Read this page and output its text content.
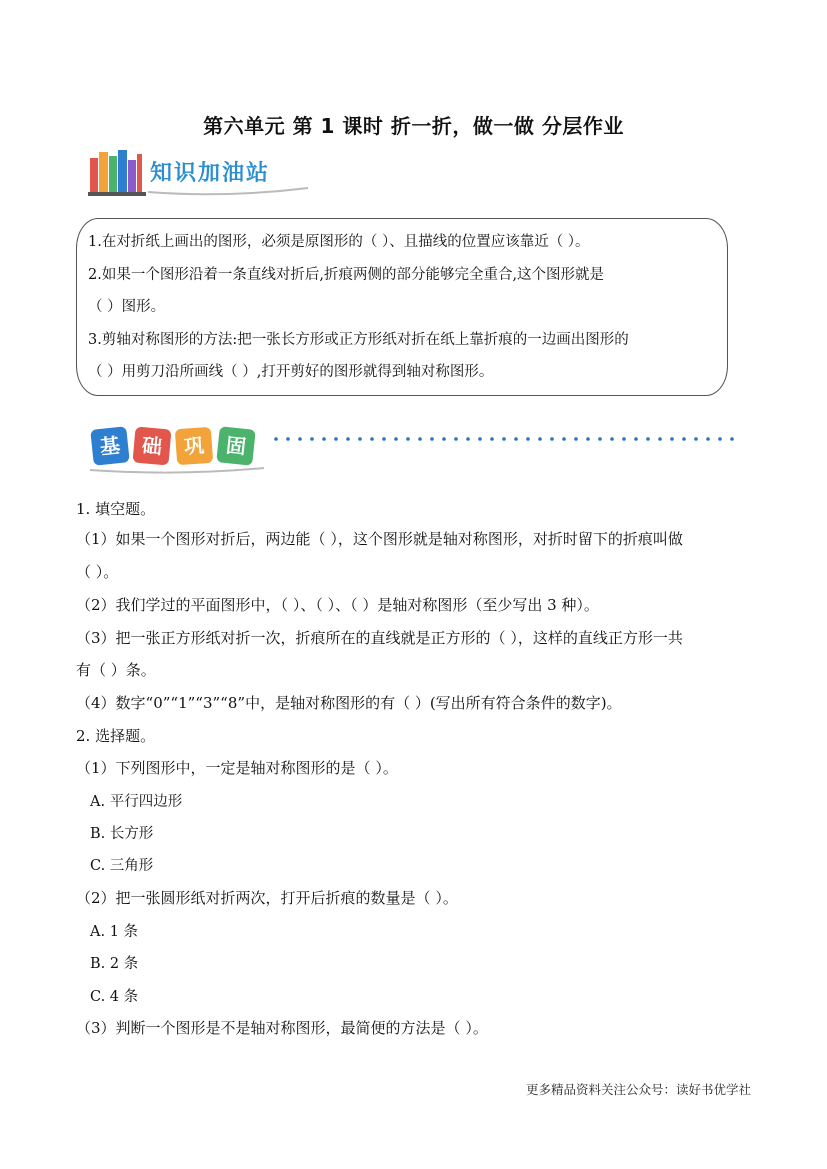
第六单元 第 1 课时 折一折，做一做 分层作业
知识加油站
1.在对折纸上画出的图形，必须是原图形的（ ）、且描线的位置应该靠近（ ）。
2.如果一个图形沿着一条直线对折后,折痕两侧的部分能够完全重合,这个图形就是
（ ）图形。
3.剪轴对称图形的方法:把一张长方形或正方形纸对折在纸上靠折痕的一边画出图形的
（ ）用剪刀沿所画线（ ）,打开剪好的图形就得到轴对称图形。
基 础 巩 固
1. 填空题。
（1）如果一个图形对折后，两边能（ ），这个图形就是轴对称图形，对折时留下的折痕叫做
（ ）。
（2）我们学过的平面图形中，（ ）、（ ）、（ ）是轴对称图形（至少写出 3 种）。
（3）把一张正方形纸对折一次，折痕所在的直线就是正方形的（ ），这样的直线正方形一共
有（ ）条。
（4）数字“0”“1”“3”“8”中，是轴对称图形的有（ ）(写出所有符合条件的数字)。
2. 选择题。
（1）下列图形中，一定是轴对称图形的是（ ）。
A. 平行四边形
B. 长方形
C. 三角形
（2）把一张圆形纸对折两次，打开后折痕的数量是（ ）。
A. 1 条
B. 2 条
C. 4 条
（3）判断一个图形是不是轴对称图形，最简便的方法是（ ）。
更多精品资料关注公众号：读好书优学社
